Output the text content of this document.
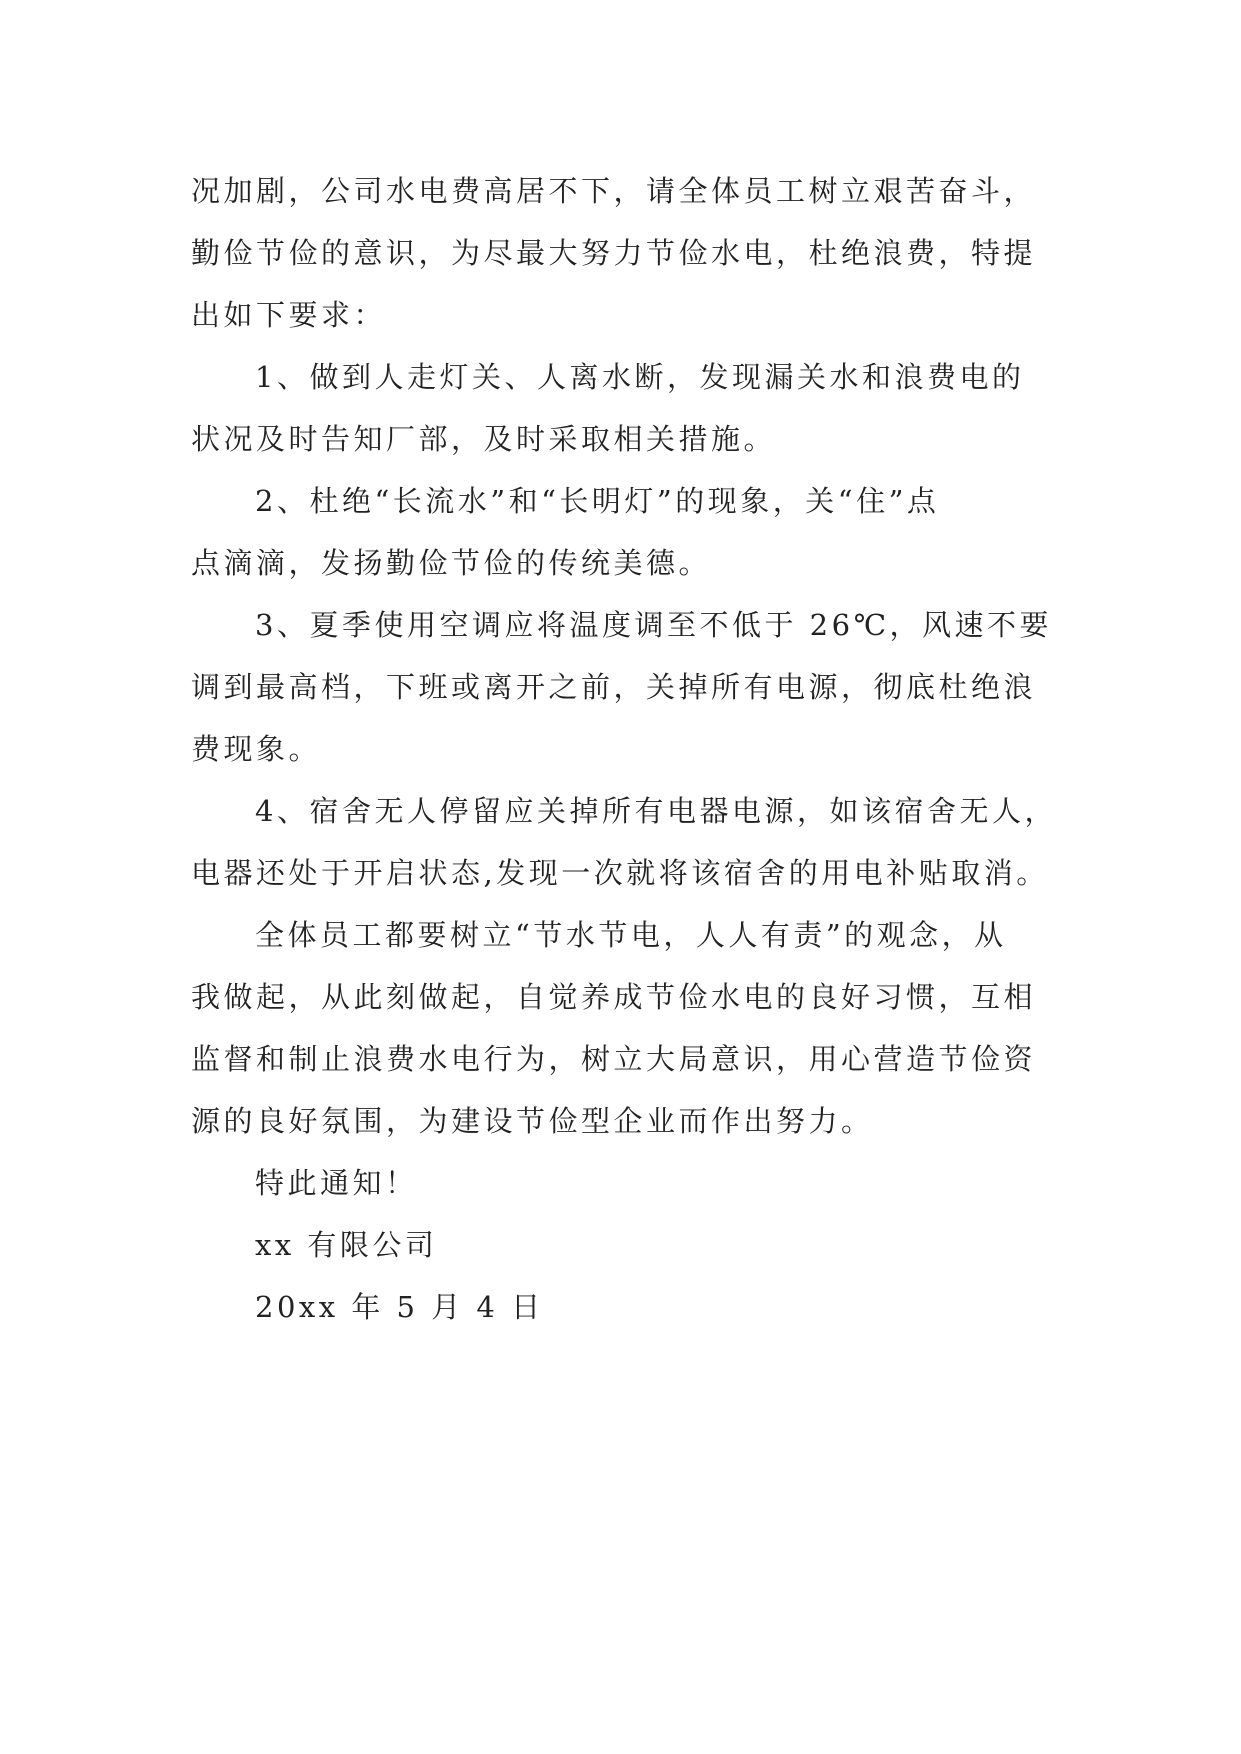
况加剧，公司水电费高居不下，请全体员工树立艰苦奋斗，
勤俭节俭的意识，为尽最大努力节俭水电，杜绝浪费，特提
出如下要求：

1、做到人走灯关、人离水断，发现漏关水和浪费电的

状况及时告知厂部，及时采取相关措施。

2、杜绝“长流水”和“长明灯”的现象，关“住”点

点滴滴，发扬勤俭节俭的传统美德。

3、夏季使用空调应将温度调至不低于 26℃，风速不要

调到最高档，下班或离开之前，关掉所有电源，彻底杜绝浪
费现象。

4、宿舍无人停留应关掉所有电器电源，如该宿舍无人，

电器还处于开启状态,发现一次就将该宿舍的用电补贴取消。

全体员工都要树立“节水节电，人人有责”的观念，从

我做起，从此刻做起，自觉养成节俭水电的良好习惯，互相
监督和制止浪费水电行为，树立大局意识，用心营造节俭资
源的良好氛围，为建设节俭型企业而作出努力。

特此通知！

xx 有限公司

20xx 年 5 月 4 日
